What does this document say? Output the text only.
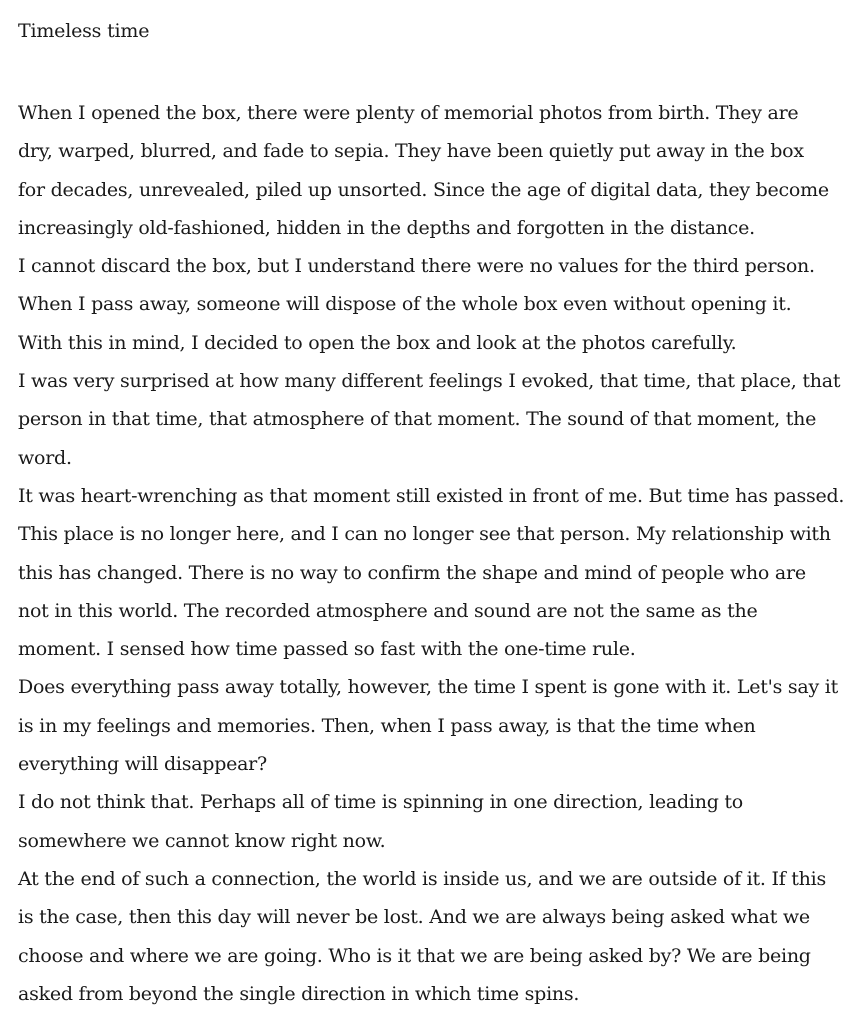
Timeless time
When I opened the box, there were plenty of memorial photos from birth. They are
dry, warped, blurred, and fade to sepia. They have been quietly put away in the box
for decades, unrevealed, piled up unsorted. Since the age of digital data, they become
increasingly old-fashioned, hidden in the depths and forgotten in the distance.
I cannot discard the box, but I understand there were no values for the third person.
When I pass away, someone will dispose of the whole box even without opening it.
With this in mind, I decided to open the box and look at the photos carefully.
I was very surprised at how many different feelings I evoked, that time, that place, that
person in that time, that atmosphere of that moment. The sound of that moment, the
word.
It was heart-wrenching as that moment still existed in front of me. But time has passed.
This place is no longer here, and I can no longer see that person. My relationship with
this has changed. There is no way to confirm the shape and mind of people who are
not in this world. The recorded atmosphere and sound are not the same as the
moment. I sensed how time passed so fast with the one-time rule.
Does everything pass away totally, however, the time I spent is gone with it. Let's say it
is in my feelings and memories. Then, when I pass away, is that the time when
everything will disappear?
I do not think that. Perhaps all of time is spinning in one direction, leading to
somewhere we cannot know right now.
At the end of such a connection, the world is inside us, and we are outside of it. If this
is the case, then this day will never be lost. And we are always being asked what we
choose and where we are going. Who is it that we are being asked by? We are being
asked from beyond the single direction in which time spins.
